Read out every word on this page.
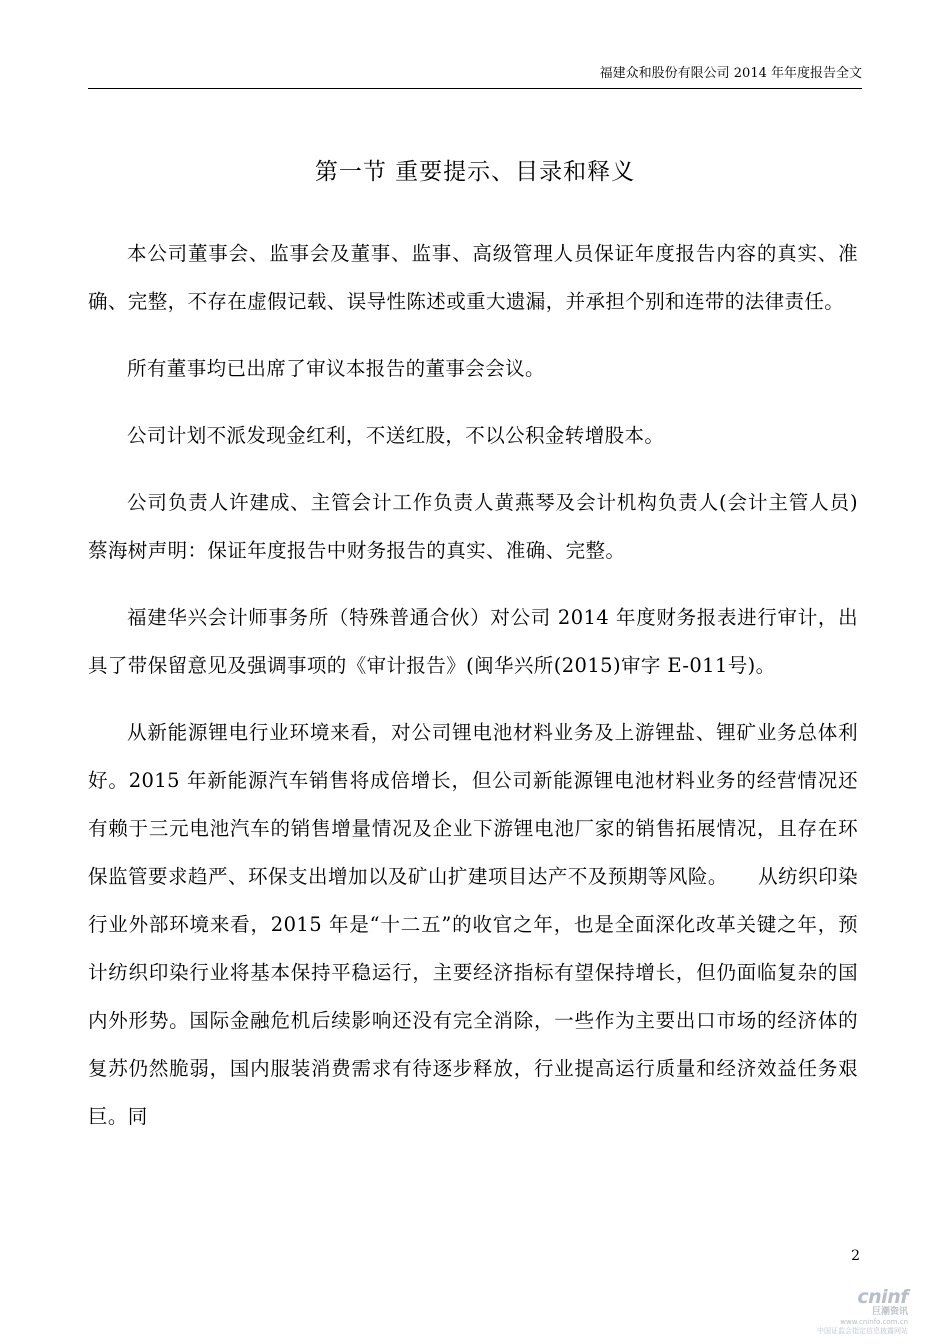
福建众和股份有限公司 2014 年年度报告全文
第一节 重要提示、目录和释义

本公司董事会、监事会及董事、监事、高级管理人员保证年度报告内容的真实、准确、完整，不存在虚假记载、误导性陈述或重大遗漏，并承担个别和连带的法律责任。

所有董事均已出席了审议本报告的董事会会议。

公司计划不派发现金红利，不送红股，不以公积金转增股本。

公司负责人许建成、主管会计工作负责人黄燕琴及会计机构负责人(会计主管人员)蔡海树声明：保证年度报告中财务报告的真实、准确、完整。

福建华兴会计师事务所（特殊普通合伙）对公司 2014 年度财务报表进行审计，出具了带保留意见及强调事项的《审计报告》(闽华兴所(2015)审字 E-011号)。

从新能源锂电行业环境来看，对公司锂电池材料业务及上游锂盐、锂矿业务总体利好。2015 年新能源汽车销售将成倍增长，但公司新能源锂电池材料业务的经营情况还有赖于三元电池汽车的销售增量情况及企业下游锂电池厂家的销售拓展情况，且存在环保监管要求趋严、环保支出增加以及矿山扩建项目达产不及预期等风险。　　从纺织印染行业外部环境来看，2015 年是“十二五”的收官之年，也是全面深化改革关键之年，预计纺织印染行业将基本保持平稳运行，主要经济指标有望保持增长，但仍面临复杂的国内外形势。国际金融危机后续影响还没有完全消除，一些作为主要出口市场的经济体的复苏仍然脆弱，国内服装消费需求有待逐步释放，行业提高运行质量和经济效益任务艰巨。同

2
cninf
巨潮资讯
www.cninfo.com.cn
中国证监会指定信息披露网站
